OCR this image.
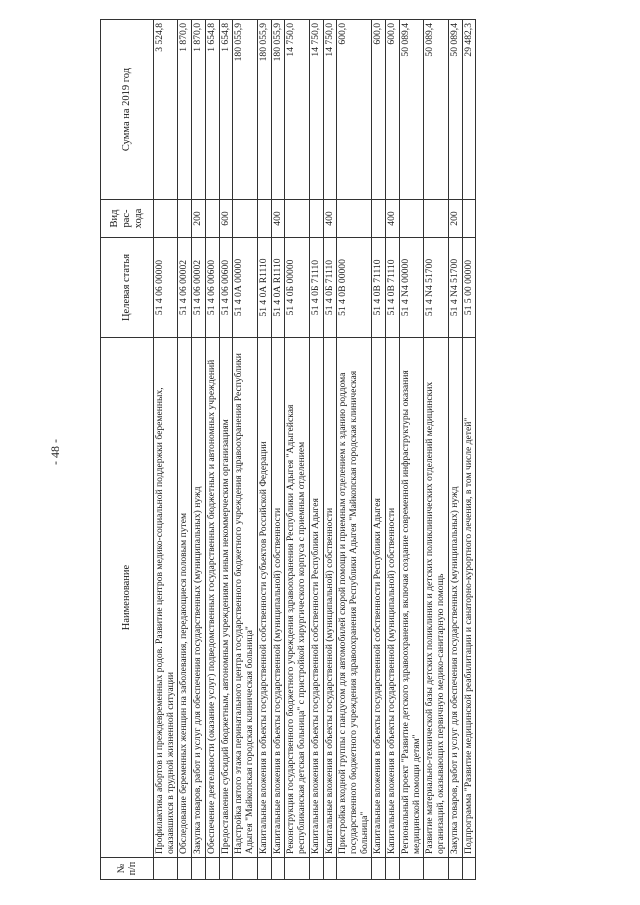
- 48 -
№ п/п	Наименование	Целевая статья	Вид рас-хода	Сумма на 2019 год
	Профилактика абортов и преждевременных родов. Развитие центров медико-социальной поддержки беременных, оказавшихся в трудной жизненной ситуации	51 4 06 00000		3 524,8
	Обследование беременных женщин на заболевания, передающиеся половым путем	51 4 06 00002		1 870,0
	Закупка товаров, работ и услуг для обеспечения государственных (муниципальных) нужд	51 4 06 00002	200	1 870,0
	Обеспечение деятельности (оказание услуг) подведомственных государственных бюджетных и автономных учреждений	51 4 06 00600		1 654,8
	Предоставление субсидий бюджетным, автономным учреждениям и иным некоммерческим организациям	51 4 06 00600	600	1 654,8
	Надстройка пятого этажа перинатального центра государственного бюджетного учреждения здравоохранения Республики Адыгея "Майкопская городская клиническая больница"	51 4 0А 00000		180 055,9
	Капитальные вложения в объекты государственной собственности субъектов Российской Федерации	51 4 0А R1110		180 055,9
	Капитальные вложения в объекты государственной (муниципальной) собственности	51 4 0А R1110	400	180 055,9
	Реконструкция государственного бюджетного учреждения здравоохранения Республики Адыгея "Адыгейская республиканская детская больница" с пристройкой хирургического корпуса с приемным отделением	51 4 0Б 00000		14 750,0
	Капитальные вложения в объекты государственной собственности Республики Адыгея	51 4 0Б 71110		14 750,0
	Капитальные вложения в объекты государственной (муниципальной) собственности	51 4 0Б 71110	400	14 750,0
	Пристройка входной группы с пандусом для автомобилей скорой помощи и приемным отделением к зданию роддома государственного бюджетного учреждения здравоохранения Республики Адыгея "Майкопская городская клиническая больница"	51 4 0В 00000		600,0
	Капитальные вложения в объекты государственной собственности Республики Адыгея	51 4 0В 71110		600,0
	Капитальные вложения в объекты государственной (муниципальной) собственности	51 4 0В 71110	400	600,0
	Региональный проект "Развитие детского здравоохранения, включая создание современной инфраструктуры оказания медицинской помощи детям"	51 4 N4 00000		50 089,4
	Развитие материально-технической базы детских поликлиник и детских поликлинических отделений медицинских организаций, оказывающих первичную медико-санитарную помощь	51 4 N4 51700		50 089,4
	Закупка товаров, работ и услуг для обеспечения государственных (муниципальных) нужд	51 4 N4 51700	200	50 089,4
	Подпрограмма "Развитие медицинской реабилитации и санаторно-курортного лечения, в том числе детей"	51 5 00 00000		29 482,3
